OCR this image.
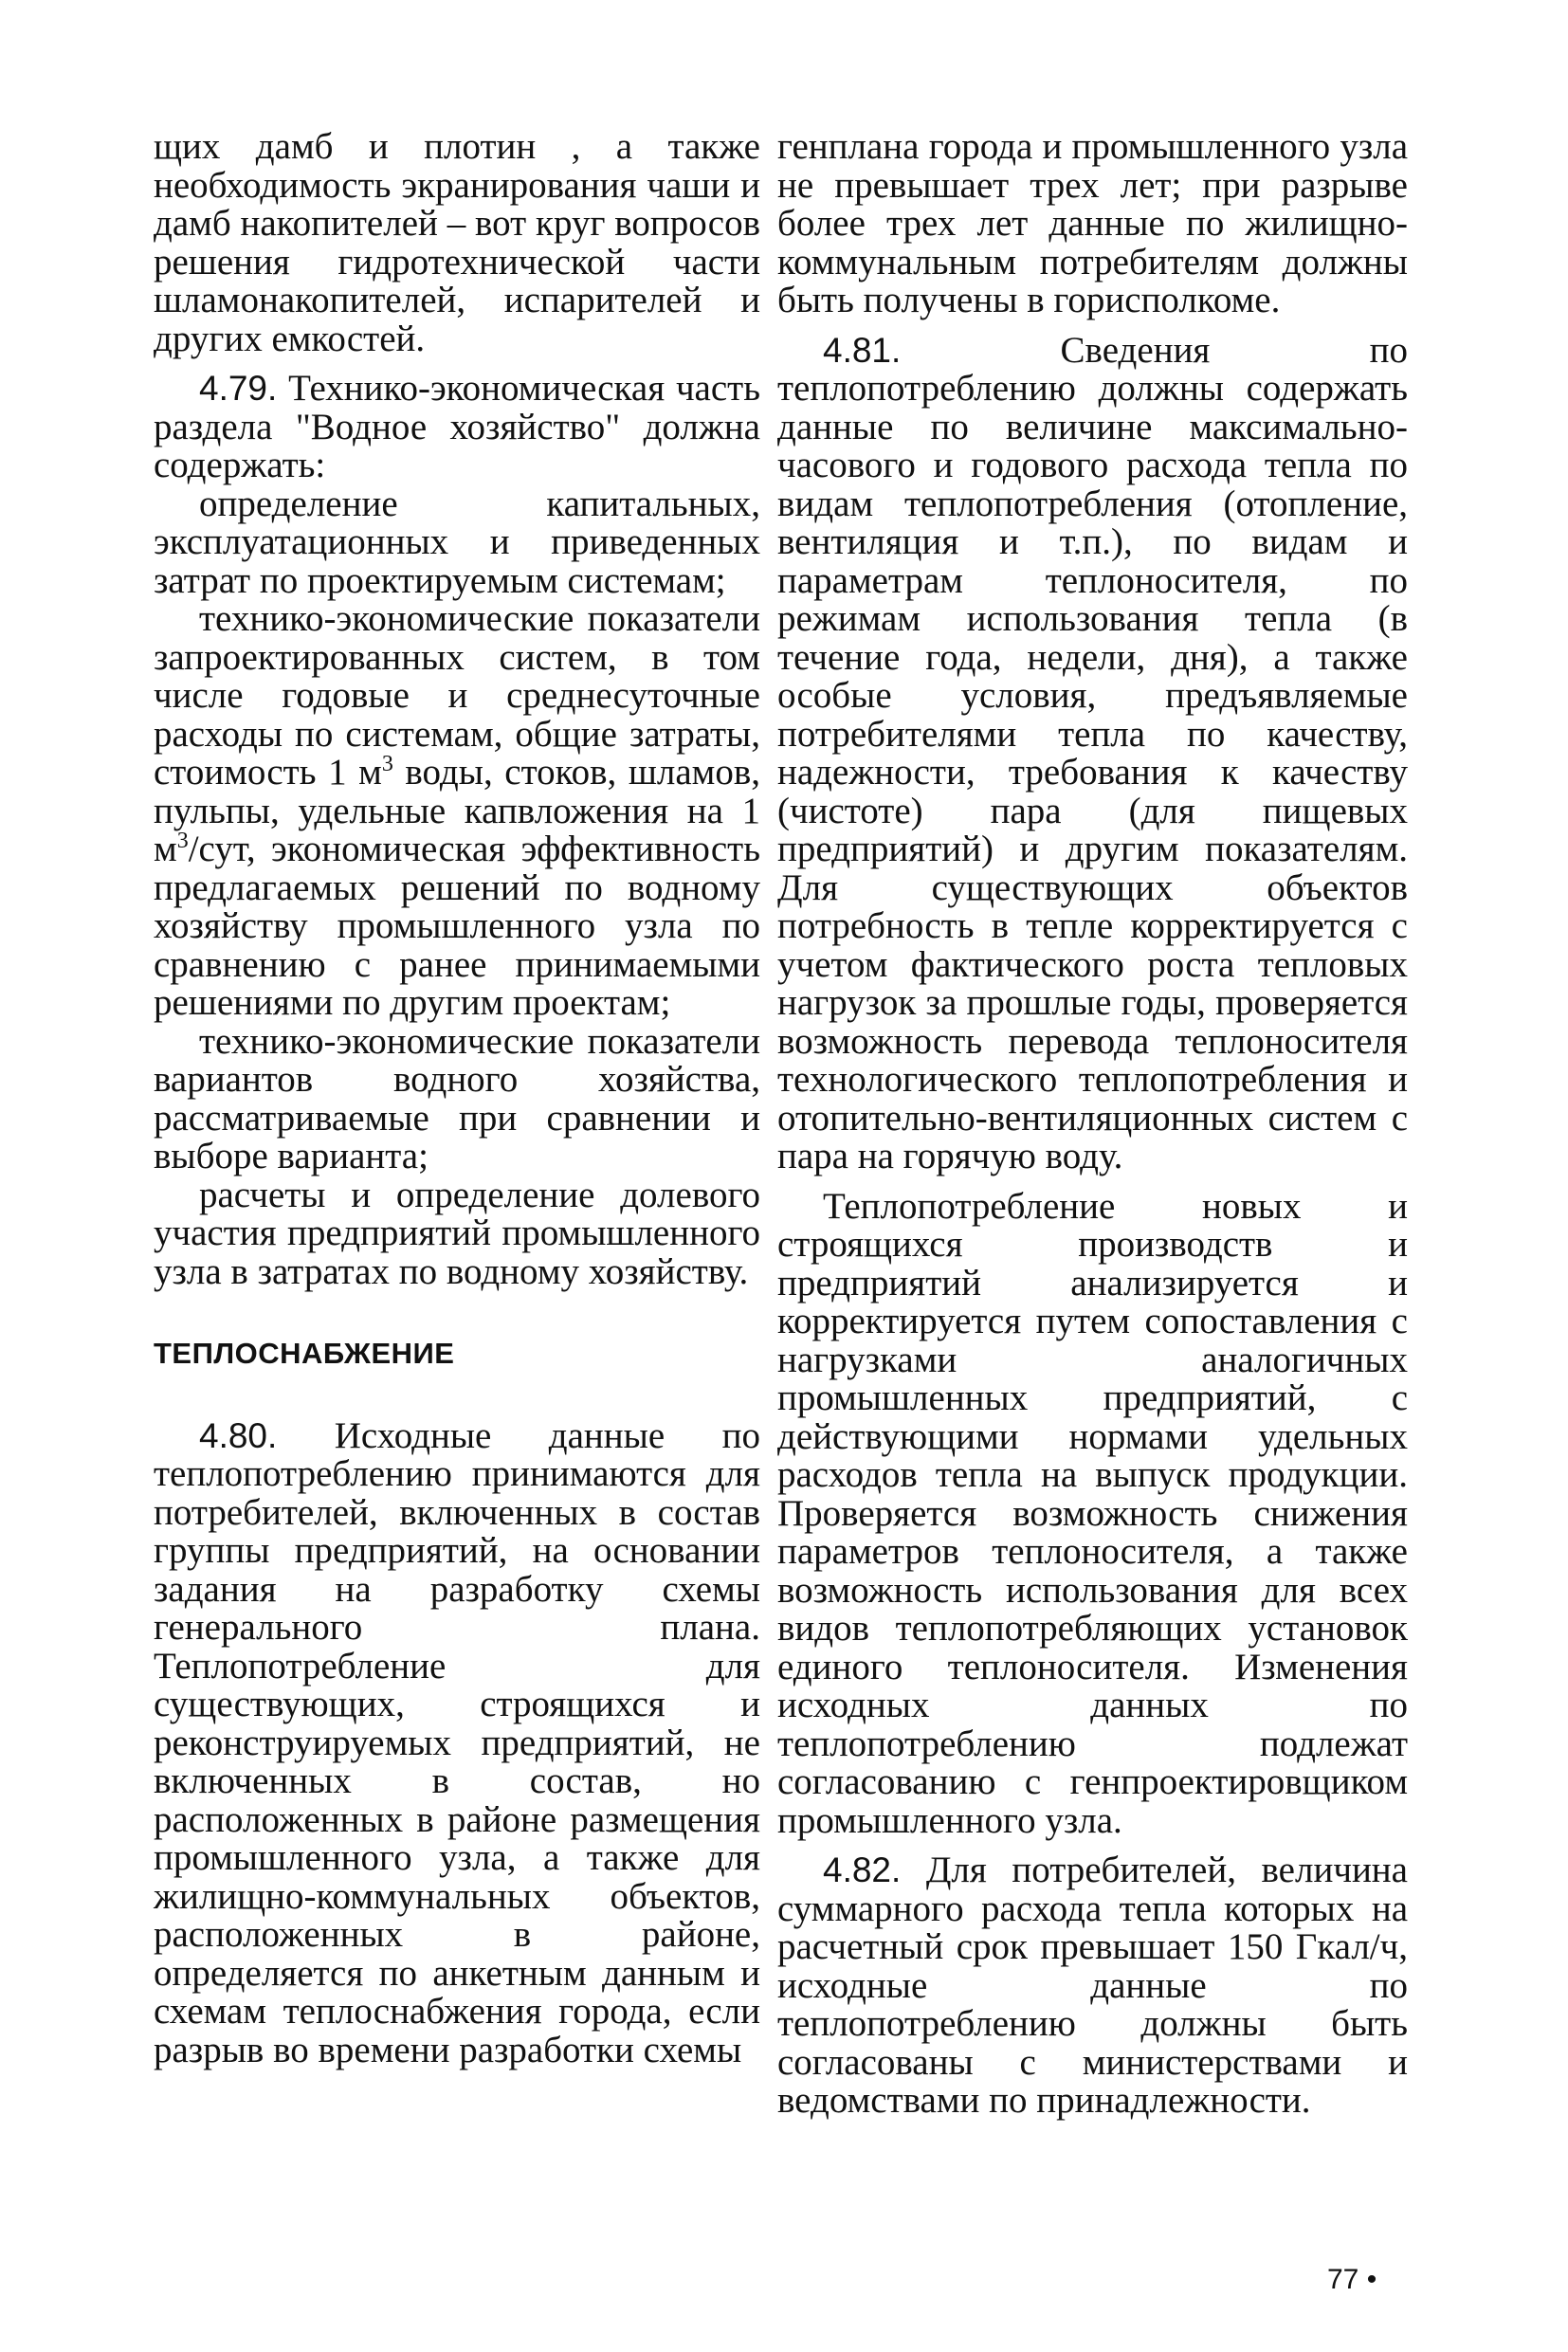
щих дамб и плотин , а также необходимость экранирования чаши и дамб накопителей – вот круг вопросов решения гидротехнической части шламонакопителей, испарителей и других емкостей.

4.79. Технико-экономическая часть раздела "Водное хозяйство" должна содержать:

определение капитальных, эксплуатационных и приведенных затрат по проектируемым системам;

технико-экономические показатели запроектированных систем, в том числе годовые и среднесуточные расходы по системам, общие затраты, стоимость 1 $м^3$ воды, стоков, шламов, пульпы, удельные капвложения на 1 $м^3$/сут, экономическая эффективность предлагаемых решений по водному хозяйству промышленного узла по сравнению с ранее принимаемыми решениями по другим проектам;

технико-экономические показатели вариантов водного хозяйства, рассматриваемые при сравнении и выборе варианта;

расчеты и определение долевого участия предприятий промышленного узла в затратах по водному хозяйству.

ТЕПЛОСНАБЖЕНИЕ

4.80. Исходные данные по теплопотреблению принимаются для потребителей, включенных в состав группы предприятий, на основании задания на разработку схемы генерального плана. Теплопотребление для существующих, строящихся и реконструируемых предприятий, не включенных в состав, но расположенных в районе размещения промышленного узла, а также для жилищно-коммунальных объектов, расположенных в районе, определяется по анкетным данным и схемам теплоснабжения города, если разрыв во времени разработки схемы

генплана города и промышленного узла не превышает трех лет; при разрыве более трех лет данные по жилищно-коммунальным потребителям должны быть получены в горисполкоме.

4.81.	Сведения по теплопотреблению должны содержать данные по величине максимально-часового и годового расхода тепла по видам теплопотребления (отопление, вентиляция и т.п.), по видам и параметрам теплоносителя, по режимам использования тепла (в течение года, недели, дня), а также особые условия, предъявляемые потребителями тепла по качеству, надежности, требования к качеству (чистоте) пара (для пищевых предприятий) и другим показателям. Для существующих объектов потребность в тепле корректируется с учетом фактического роста тепловых нагрузок за прошлые годы, проверяется возможность перевода теплоносителя технологического теплопотребления и отопительно-вентиляционных систем с пара на горячую воду.

Теплопотребление новых и строящихся производств и предприятий анализируется и корректируется путем сопоставления с нагрузками аналогичных промышленных предприятий, с действующими нормами удельных расходов тепла на выпуск продукции. Проверяется возможность снижения параметров теплоносителя, а также возможность использования для всех видов теплопотребляющих установок единого теплоносителя. Изменения исходных данных по теплопотреблению подлежат согласованию с генпроектировщиком промышленного узла.

4.82. Для потребителей, величина суммарного расхода тепла которых на расчетный срок превышает 150 Гкал/ч, исходные данные по теплопотреблению должны быть согласованы с министерствами и ведомствами по принадлежности.

77 •
